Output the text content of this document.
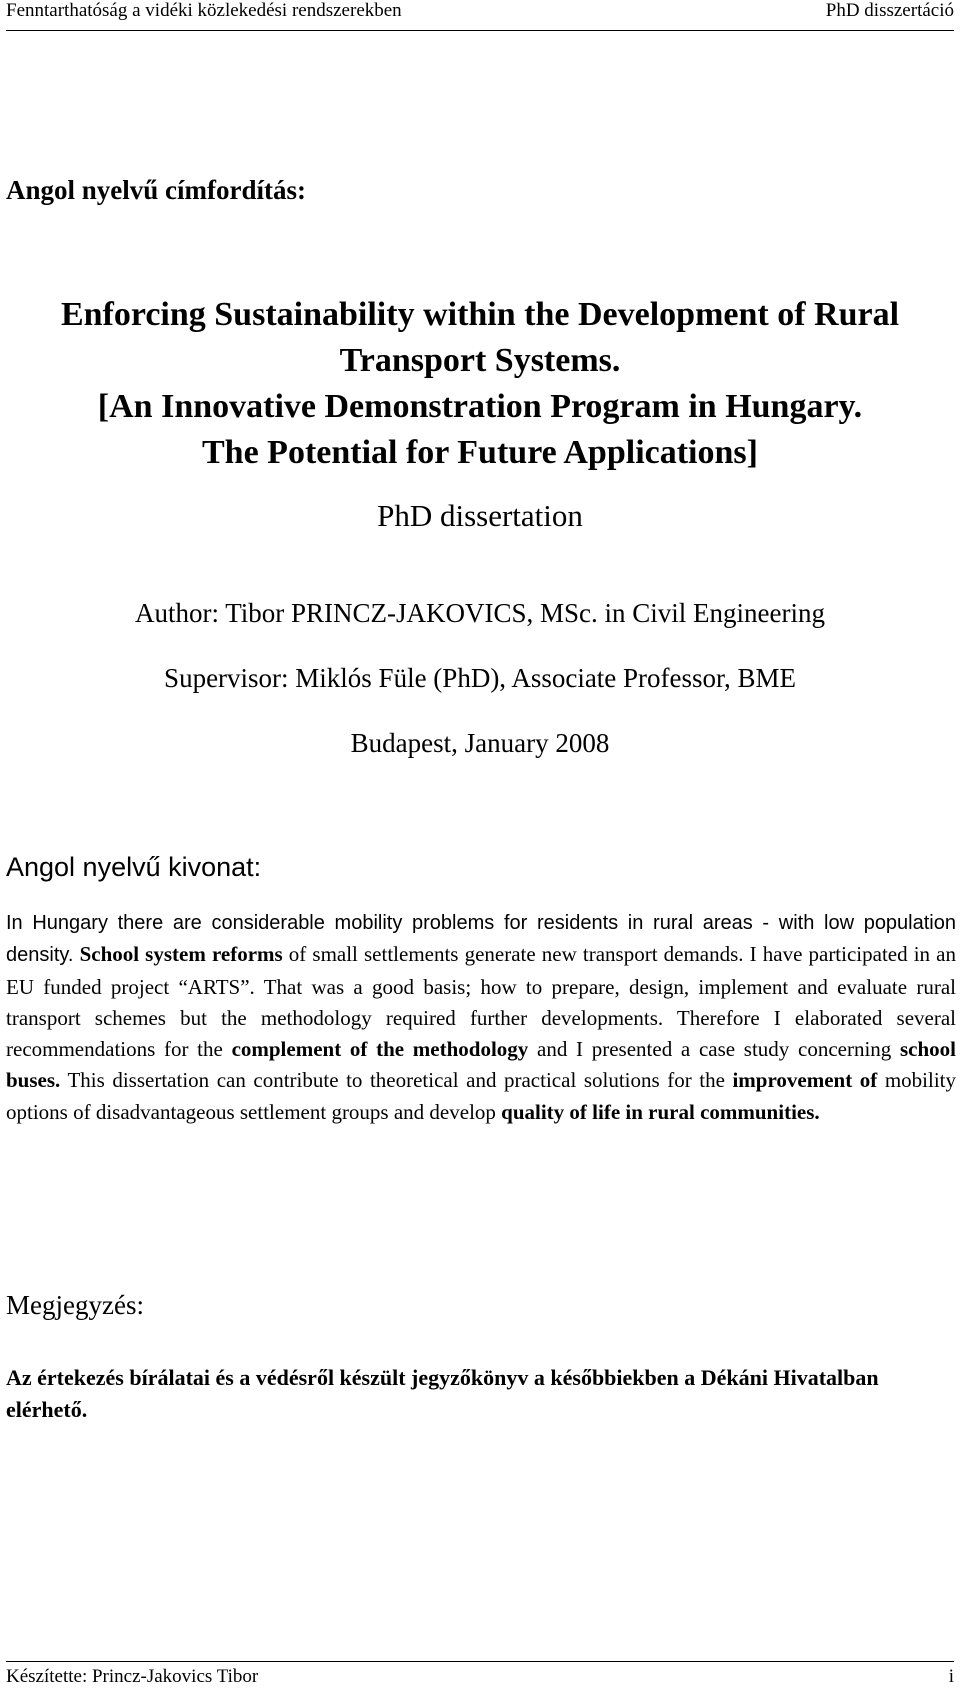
Fenntarthatóság a vidéki közlekedési rendszerekben	PhD disszertáció
Angol nyelvű címfordítás:
Enforcing Sustainability within the Development of Rural
Transport Systems.
[An Innovative Demonstration Program in Hungary.
The Potential for Future Applications]
PhD dissertation
Author: Tibor PRINCZ-JAKOVICS, MSc. in Civil Engineering
Supervisor: Miklós Füle (PhD), Associate Professor, BME
Budapest, January 2008
Angol nyelvű kivonat:
In Hungary there are considerable mobility problems for residents in rural areas - with low population density. School system reforms of small settlements generate new transport demands. I have participated in an EU funded project “ARTS”. That was a good basis; how to prepare, design, implement and evaluate rural transport schemes but the methodology required further developments. Therefore I elaborated several recommendations for the complement of the methodology and I presented a case study concerning school buses. This dissertation can contribute to theoretical and practical solutions for the improvement of mobility options of disadvantageous settlement groups and develop quality of life in rural communities.
Megjegyzés:
Az értekezés bírálatai és a védésről készült jegyzőkönyv a későbbiekben a Dékáni Hivatalban elérhető.
Készítette: Princz-Jakovics Tibor	i
